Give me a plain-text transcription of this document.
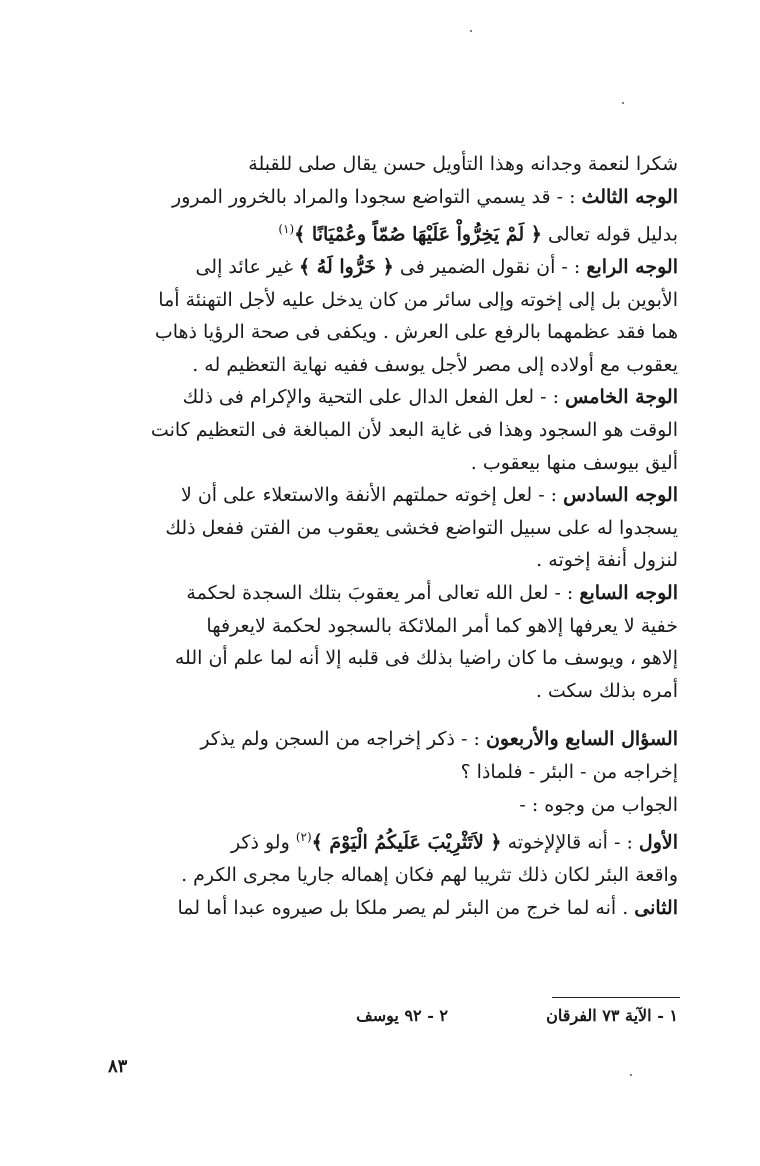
شكرا لنعمة وجدانه وهذا التأويل حسن يقال صلى للقبلة
الوجه الثالث : - قد يسمي التواضع سجودا والمراد بالخرور المرور
بدليل قوله تعالى ﴿ لَمْ يَخِرُّواْ عَلَيْهَا صُمّاً وعُمْيَانًا ﴾$^{(١)}$
الوجه الرابع : - أن نقول الضمير فى ﴿ خَرُّوا لَهُ ﴾ غير عائد إلى
الأبوين بل إلى إخوته وإلى سائر من كان يدخل عليه لأجل التهنئة أما
هما فقد عظمهما بالرفع على العرش . ويكفى فى صحة الرؤيا ذهاب
يعقوب مع أولاده إلى مصر لأجل يوسف ففيه نهاية التعظيم له .
الوجة الخامس : - لعل الفعل الدال على التحية والإكرام فى ذلك
الوقت هو السجود وهذا فى غاية البعد لأن المبالغة فى التعظيم كانت
أليق بيوسف منها بيعقوب .
الوجه السادس : - لعل إخوته حملتهم الأنفة والاستعلاء على أن لا
يسجدوا له على سبيل التواضع فخشى يعقوب من الفتن ففعل ذلك
لنزول أنفة إخوته .
الوجه السابع : - لعل الله تعالى أمر يعقوبَ بتلك السجدة لحكمة
خفية لا يعرفها إلاهو كما أمر الملائكة بالسجود لحكمة لايعرفها
إلاهو ، ويوسف ما كان راضيا بذلك فى قلبه إلا أنه لما علم أن الله
أمره بذلك سكت .
السؤال السابع والأربعون : - ذكر إخراجه من السجن ولم يذكر
إخراجه من - البئر - فلماذا ؟
الجواب من وجوه : -
الأول : - أنه قالإلإخوته ﴿ لاَتَثْرِيْبَ عَلَيكُمُ الْيَوْمَ ﴾$^{(٢)}$ ولو ذكر
واقعة البئر لكان ذلك تثريبا لهم فكان إهماله جاريا مجرى الكرم .
الثانى . أنه لما خرج من البئر لم يصر ملكا بل صيروه عبدا أما لما
١ - الآية ٧٣ الفرقان
٢ - ٩٢ يوسف
٨٣
